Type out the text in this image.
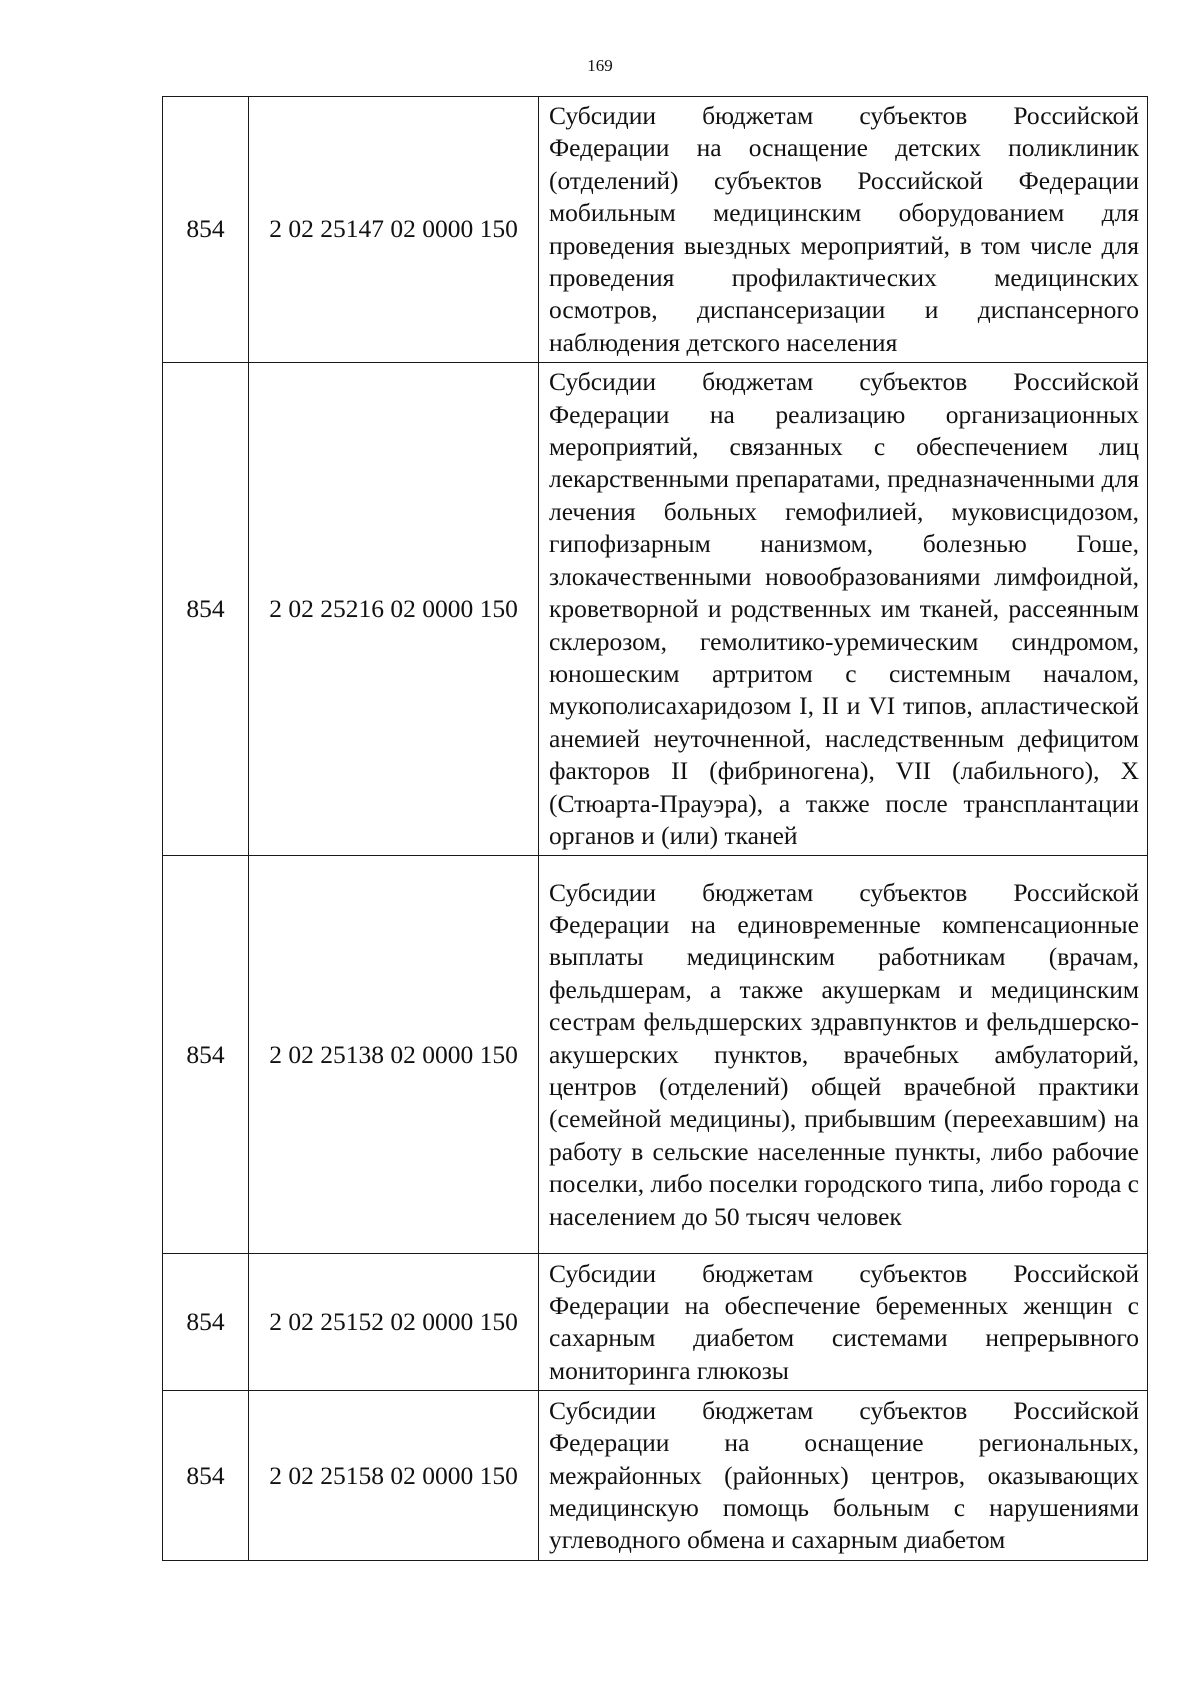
169
854	2 02 25147 02 0000 150	Субсидии бюджетам субъектов Российской Федерации на оснащение детских поликлиник (отделений) субъектов Российской Федерации мобильным медицинским оборудованием для проведения выездных мероприятий, в том числе для проведения профилактических медицинских осмотров, диспансеризации и диспансерного наблюдения детского населения
854	2 02 25216 02 0000 150	Субсидии бюджетам субъектов Российской Федерации на реализацию организационных мероприятий, связанных с обеспечением лиц лекарственными препаратами, предназначенными для лечения больных гемофилией, муковисцидозом, гипофизарным нанизмом, болезнью Гоше, злокачественными новообразованиями лимфоидной, кроветворной и родственных им тканей, рассеянным склерозом, гемолитико-уремическим синдромом, юношеским артритом с системным началом, мукополисахаридозом I, II и VI типов, апластической анемией неуточненной, наследственным дефицитом факторов II (фибриногена), VII (лабильного), X (Стюарта-Прауэра), а также после трансплантации органов и (или) тканей
854	2 02 25138 02 0000 150	Субсидии бюджетам субъектов Российской Федерации на единовременные компенсационные выплаты медицинским работникам (врачам, фельдшерам, а также акушеркам и медицинским сестрам фельдшерских здравпунктов и фельдшерско-акушерских пунктов, врачебных амбулаторий, центров (отделений) общей врачебной практики (семейной медицины), прибывшим (переехавшим) на работу в сельские населенные пункты, либо рабочие поселки, либо поселки городского типа, либо города с населением до 50 тысяч человек
854	2 02 25152 02 0000 150	Субсидии бюджетам субъектов Российской Федерации на обеспечение беременных женщин с сахарным диабетом системами непрерывного мониторинга глюкозы
854	2 02 25158 02 0000 150	Субсидии бюджетам субъектов Российской Федерации на оснащение региональных, межрайонных (районных) центров, оказывающих медицинскую помощь больным с нарушениями углеводного обмена и сахарным диабетом
